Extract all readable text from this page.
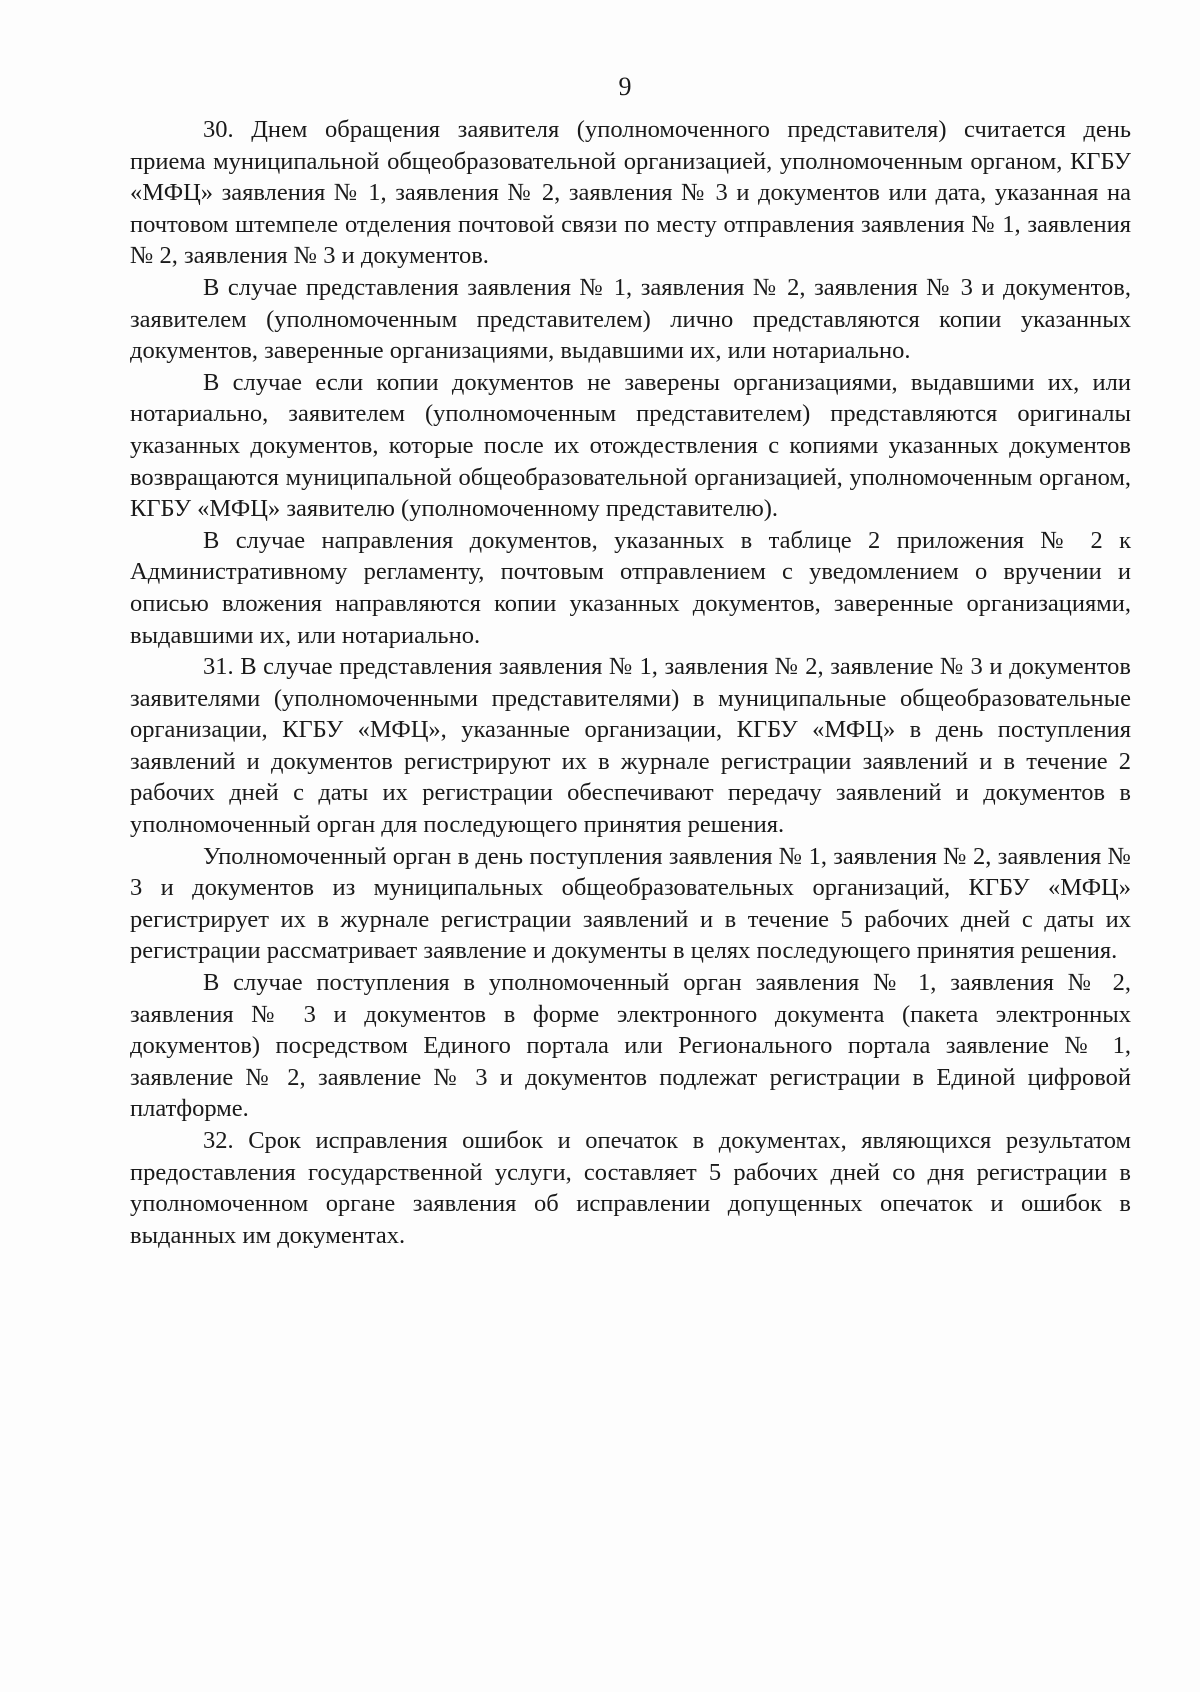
9

30. Днем обращения заявителя (уполномоченного представителя) считается день приема муниципальной общеобразовательной организацией, уполномоченным органом, КГБУ «МФЦ» заявления № 1, заявления № 2, заявления № 3 и документов или дата, указанная на почтовом штемпеле отделения почтовой связи по месту отправления заявления № 1, заявления № 2, заявления № 3 и документов.

В случае представления заявления № 1, заявления № 2, заявления № 3 и документов, заявителем (уполномоченным представителем) лично представляются копии указанных документов, заверенные организациями, выдавшими их, или нотариально.

В случае если копии документов не заверены организациями, выдавшими их, или нотариально, заявителем (уполномоченным представителем) представляются оригиналы указанных документов, которые после их отождествления с копиями указанных документов возвращаются муниципальной общеобразовательной организацией, уполномоченным органом, КГБУ «МФЦ» заявителю (уполномоченному представителю).

В случае направления документов, указанных в таблице 2 приложения № 2 к Административному регламенту, почтовым отправлением с уведомлением о вручении и описью вложения направляются копии указанных документов, заверенные организациями, выдавшими их, или нотариально.

31. В случае представления заявления № 1, заявления № 2, заявление № 3 и документов заявителями (уполномоченными представителями) в муниципальные общеобразовательные организации, КГБУ «МФЦ», указанные организации, КГБУ «МФЦ» в день поступления заявлений и документов регистрируют их в журнале регистрации заявлений и в течение 2 рабочих дней с даты их регистрации обеспечивают передачу заявлений и документов в уполномоченный орган для последующего принятия решения.

Уполномоченный орган в день поступления заявления № 1, заявления № 2, заявления № 3 и документов из муниципальных общеобразовательных организаций, КГБУ «МФЦ» регистрирует их в журнале регистрации заявлений и в течение 5 рабочих дней с даты их регистрации рассматривает заявление и документы в целях последующего принятия решения.

В случае поступления в уполномоченный орган заявления № 1, заявления № 2, заявления № 3 и документов в форме электронного документа (пакета электронных документов) посредством Единого портала или Регионального портала заявление № 1, заявление № 2, заявление № 3 и документов подлежат регистрации в Единой цифровой платформе.

32. Срок исправления ошибок и опечаток в документах, являющихся результатом предоставления государственной услуги, составляет 5 рабочих дней со дня регистрации в уполномоченном органе заявления об исправлении допущенных опечаток и ошибок в выданных им документах.
